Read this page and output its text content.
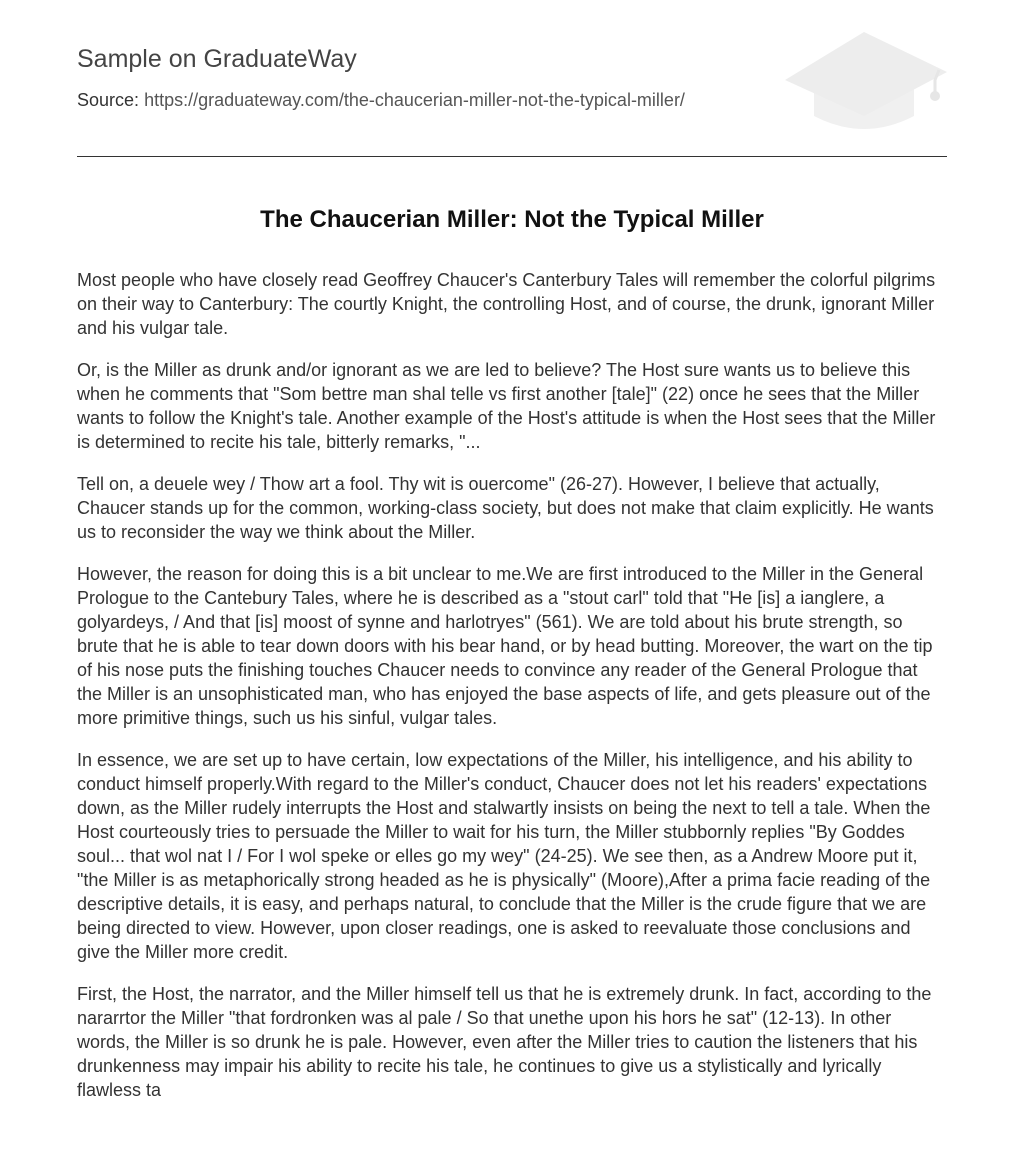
Sample on GraduateWay
Source: https://graduateway.com/the-chaucerian-miller-not-the-typical-miller/
The Chaucerian Miller: Not the Typical Miller

Most people who have closely read Geoffrey Chaucer's Canterbury Tales will remember the colorful pilgrims on their way to Canterbury: The courtly Knight, the controlling Host, and of course, the drunk, ignorant Miller and his vulgar tale.

Or, is the Miller as drunk and/or ignorant as we are led to believe? The Host sure wants us to believe this when he comments that "Som bettre man shal telle vs first another [tale]" (22) once he sees that the Miller wants to follow the Knight's tale. Another example of the Host's attitude is when the Host sees that the Miller is determined to recite his tale, bitterly remarks, "...

Tell on, a deuele wey / Thow art a fool. Thy wit is ouercome" (26-27). However, I believe that actually, Chaucer stands up for the common, working-class society, but does not make that claim explicitly. He wants us to reconsider the way we think about the Miller.

However, the reason for doing this is a bit unclear to me.We are first introduced to the Miller in the General Prologue to the Cantebury Tales, where he is described as a "stout carl" told that "He [is] a ianglere, a golyardeys, / And that [is] moost of synne and harlotryes" (561). We are told about his brute strength, so brute that he is able to tear down doors with his bear hand, or by head butting. Moreover, the wart on the tip of his nose puts the finishing touches Chaucer needs to convince any reader of the General Prologue that the Miller is an unsophisticated man, who has enjoyed the base aspects of life, and gets pleasure out of the more primitive things, such us his sinful, vulgar tales.

In essence, we are set up to have certain, low expectations of the Miller, his intelligence, and his ability to conduct himself properly.With regard to the Miller's conduct, Chaucer does not let his readers' expectations down, as the Miller rudely interrupts the Host and stalwartly insists on being the next to tell a tale. When the Host courteously tries to persuade the Miller to wait for his turn, the Miller stubbornly replies "By Goddes soul... that wol nat I / For I wol speke or elles go my wey" (24-25). We see then, as a Andrew Moore put it, "the Miller is as metaphorically strong headed as he is physically" (Moore),After a prima facie reading of the descriptive details, it is easy, and perhaps natural, to conclude that the Miller is the crude figure that we are being directed to view. However, upon closer readings, one is asked to reevaluate those conclusions and give the Miller more credit.

First, the Host, the narrator, and the Miller himself tell us that he is extremely drunk. In fact, according to the nararrtor the Miller "that fordronken was al pale / So that unethe upon his hors he sat" (12-13). In other words, the Miller is so drunk he is pale. However, even after the Miller tries to caution the listeners that his drunkenness may impair his ability to recite his tale, he continues to give us a stylistically and lyrically flawless ta
